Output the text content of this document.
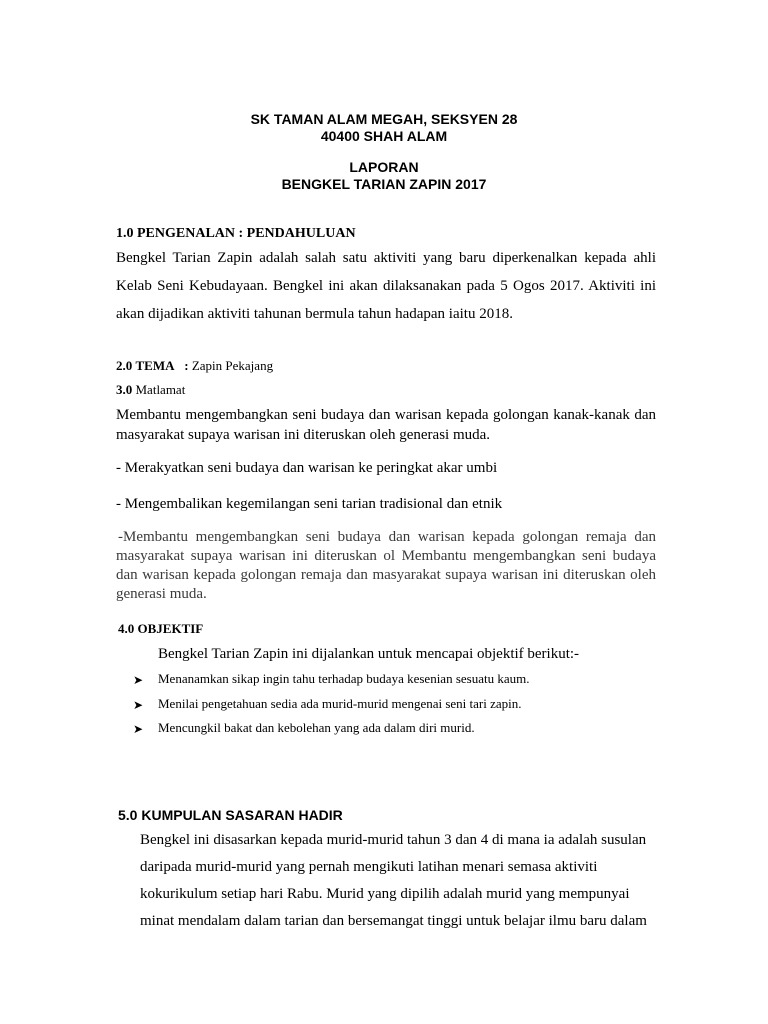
SK TAMAN ALAM MEGAH, SEKSYEN 28
40400 SHAH ALAM
LAPORAN
BENGKEL TARIAN ZAPIN 2017
1.0 PENGENALAN : PENDAHULUAN
Bengkel Tarian Zapin adalah salah satu aktiviti yang baru diperkenalkan kepada ahli
Kelab Seni Kebudayaan. Bengkel ini akan dilaksanakan pada 5 Ogos 2017. Aktiviti ini
akan dijadikan aktiviti tahunan bermula tahun hadapan iaitu 2018.
2.0 TEMA : Zapin Pekajang
3.0 Matlamat
Membantu mengembangkan seni budaya dan warisan kepada golongan kanak-kanak dan
masyarakat supaya warisan ini diteruskan oleh generasi muda.
- Merakyatkan seni budaya dan warisan ke peringkat akar umbi
- Mengembalikan kegemilangan seni tarian tradisional dan etnik
-Membantu mengembangkan seni budaya dan warisan kepada golongan remaja dan
masyarakat supaya warisan ini diteruskan ol Membantu mengembangkan seni budaya
dan warisan kepada golongan remaja dan masyarakat supaya warisan ini diteruskan oleh
generasi muda.
4.0 OBJEKTIF
Bengkel Tarian Zapin ini dijalankan untuk mencapai objektif berikut:-
➤ Menanamkan sikap ingin tahu terhadap budaya kesenian sesuatu kaum.
➤ Menilai pengetahuan sedia ada murid-murid mengenai seni tari zapin.
➤ Mencungkil bakat dan kebolehan yang ada dalam diri murid.
5.0 KUMPULAN SASARAN HADIR
Bengkel ini disasarkan kepada murid-murid tahun 3 dan 4 di mana ia adalah susulan
daripada murid-murid yang pernah mengikuti latihan menari semasa aktiviti
kokurikulum setiap hari Rabu. Murid yang dipilih adalah murid yang mempunyai
minat mendalam dalam tarian dan bersemangat tinggi untuk belajar ilmu baru dalam
